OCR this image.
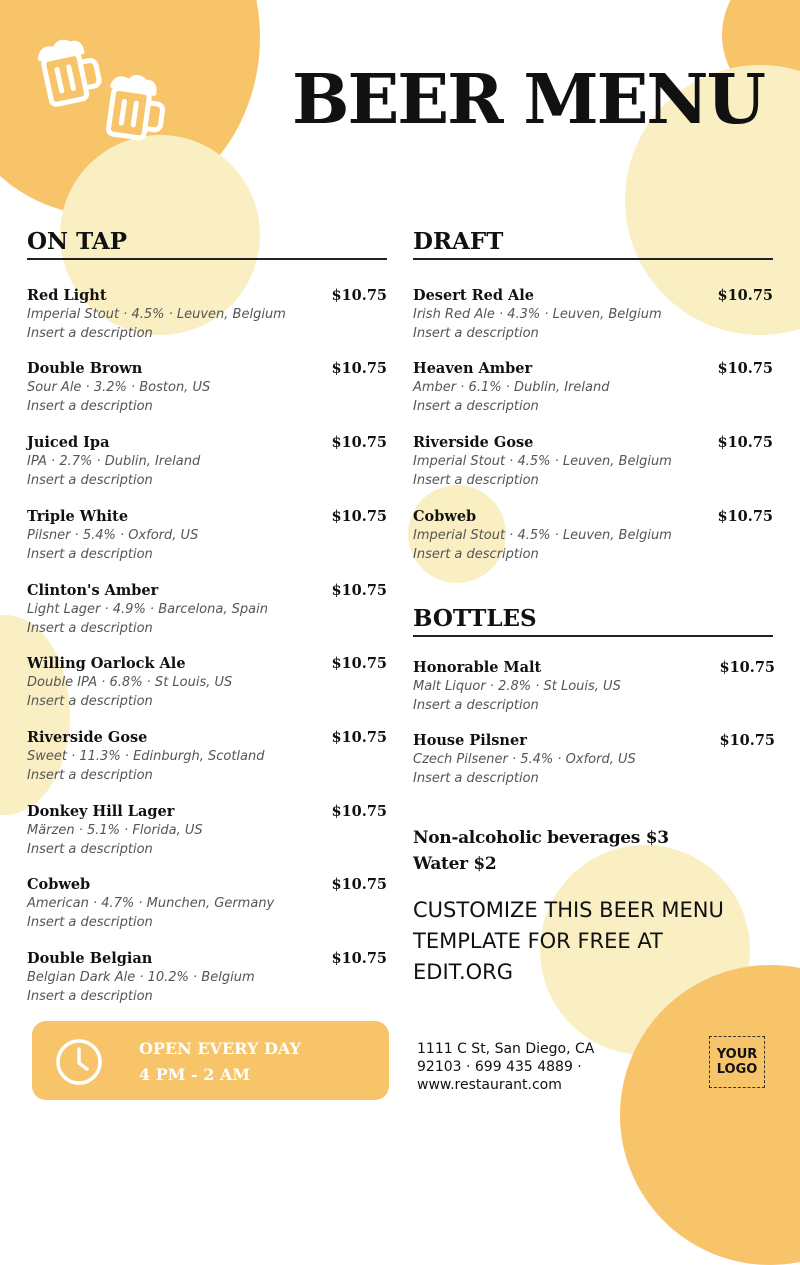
BEER MENU
ON TAP
Red Light	$10.75
Imperial Stout · 4.5% · Leuven, Belgium
Insert a description
Double Brown	$10.75
Sour Ale · 3.2% · Boston, US
Insert a description
Juiced Ipa	$10.75
IPA · 2.7% · Dublin, Ireland
Insert a description
Triple White	$10.75
Pilsner · 5.4% · Oxford, US
Insert a description
Clinton's Amber	$10.75
Light Lager · 4.9% · Barcelona, Spain
Insert a description
Willing Oarlock Ale	$10.75
Double IPA · 6.8% · St Louis, US
Insert a description
Riverside Gose	$10.75
Sweet · 11.3% · Edinburgh, Scotland
Insert a description
Donkey Hill Lager	$10.75
Märzen · 5.1% · Florida, US
Insert a description
Cobweb	$10.75
American · 4.7% · Munchen, Germany
Insert a description
Double Belgian	$10.75
Belgian Dark Ale · 10.2% · Belgium
Insert a description
DRAFT
Desert Red Ale	$10.75
Irish Red Ale · 4.3% · Leuven, Belgium
Insert a description
Heaven Amber	$10.75
Amber · 6.1% · Dublin, Ireland
Insert a description
Riverside Gose	$10.75
Imperial Stout · 4.5% · Leuven, Belgium
Insert a description
Cobweb	$10.75
Imperial Stout · 4.5% · Leuven, Belgium
Insert a description
BOTTLES
Honorable Malt	$10.75
Malt Liquor · 2.8% · St Louis, US
Insert a description
House Pilsner	$10.75
Czech Pilsener · 5.4% · Oxford, US
Insert a description
Non-alcoholic beverages $3
Water $2
CUSTOMIZE THIS BEER MENU
TEMPLATE FOR FREE AT
EDIT.ORG
OPEN EVERY DAY
4 PM - 2 AM
1111 C St, San Diego, CA
92103 · 699 435 4889 ·
www.restaurant.com
YOUR
LOGO
